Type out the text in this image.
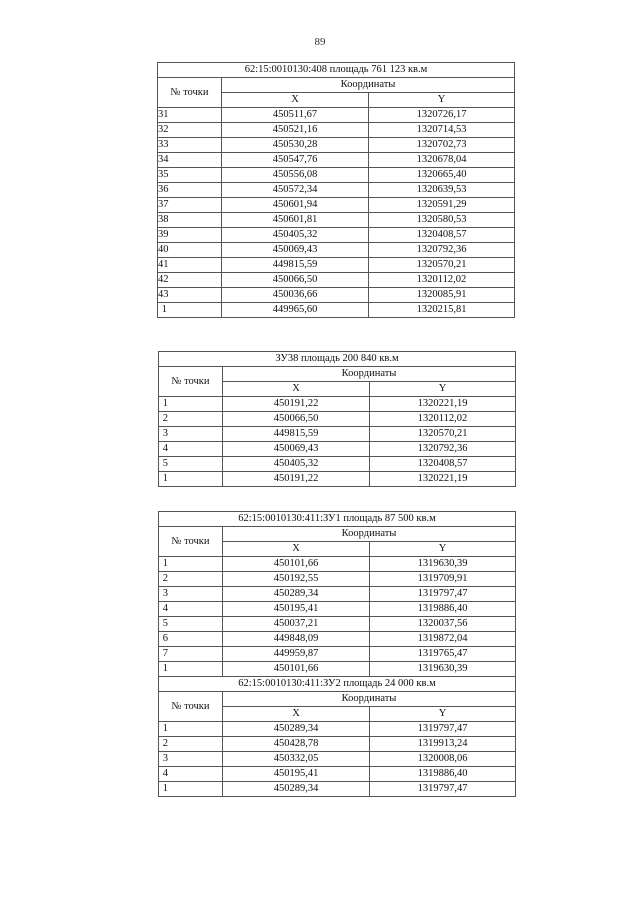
89
62:15:0010130:408 площадь 761 123 кв.м		
№ точки	Координаты	
	X	Y
31	450511,67	1320726,17
32	450521,16	1320714,53
33	450530,28	1320702,73
34	450547,76	1320678,04
35	450556,08	1320665,40
36	450572,34	1320639,53
37	450601,94	1320591,29
38	450601,81	1320580,53
39	450405,32	1320408,57
40	450069,43	1320792,36
41	449815,59	1320570,21
42	450066,50	1320112,02
43	450036,66	1320085,91
1	449965,60	1320215,81
ЗУ38 площадь 200 840 кв.м		
№ точки	Координаты	
	X	Y
1	450191,22	1320221,19
2	450066,50	1320112,02
3	449815,59	1320570,21
4	450069,43	1320792,36
5	450405,32	1320408,57
1	450191,22	1320221,19
62:15:0010130:411:ЗУ1 площадь 87 500 кв.м		
№ точки	Координаты	
	X	Y
1	450101,66	1319630,39
2	450192,55	1319709,91
3	450289,34	1319797,47
4	450195,41	1319886,40
5	450037,21	1320037,56
6	449848,09	1319872,04
7	449959,87	1319765,47
1	450101,66	1319630,39
62:15:0010130:411:ЗУ2 площадь 24 000 кв.м		
№ точки	Координаты	
	X	Y
1	450289,34	1319797,47
2	450428,78	1319913,24
3	450332,05	1320008,06
4	450195,41	1319886,40
1	450289,34	1319797,47
